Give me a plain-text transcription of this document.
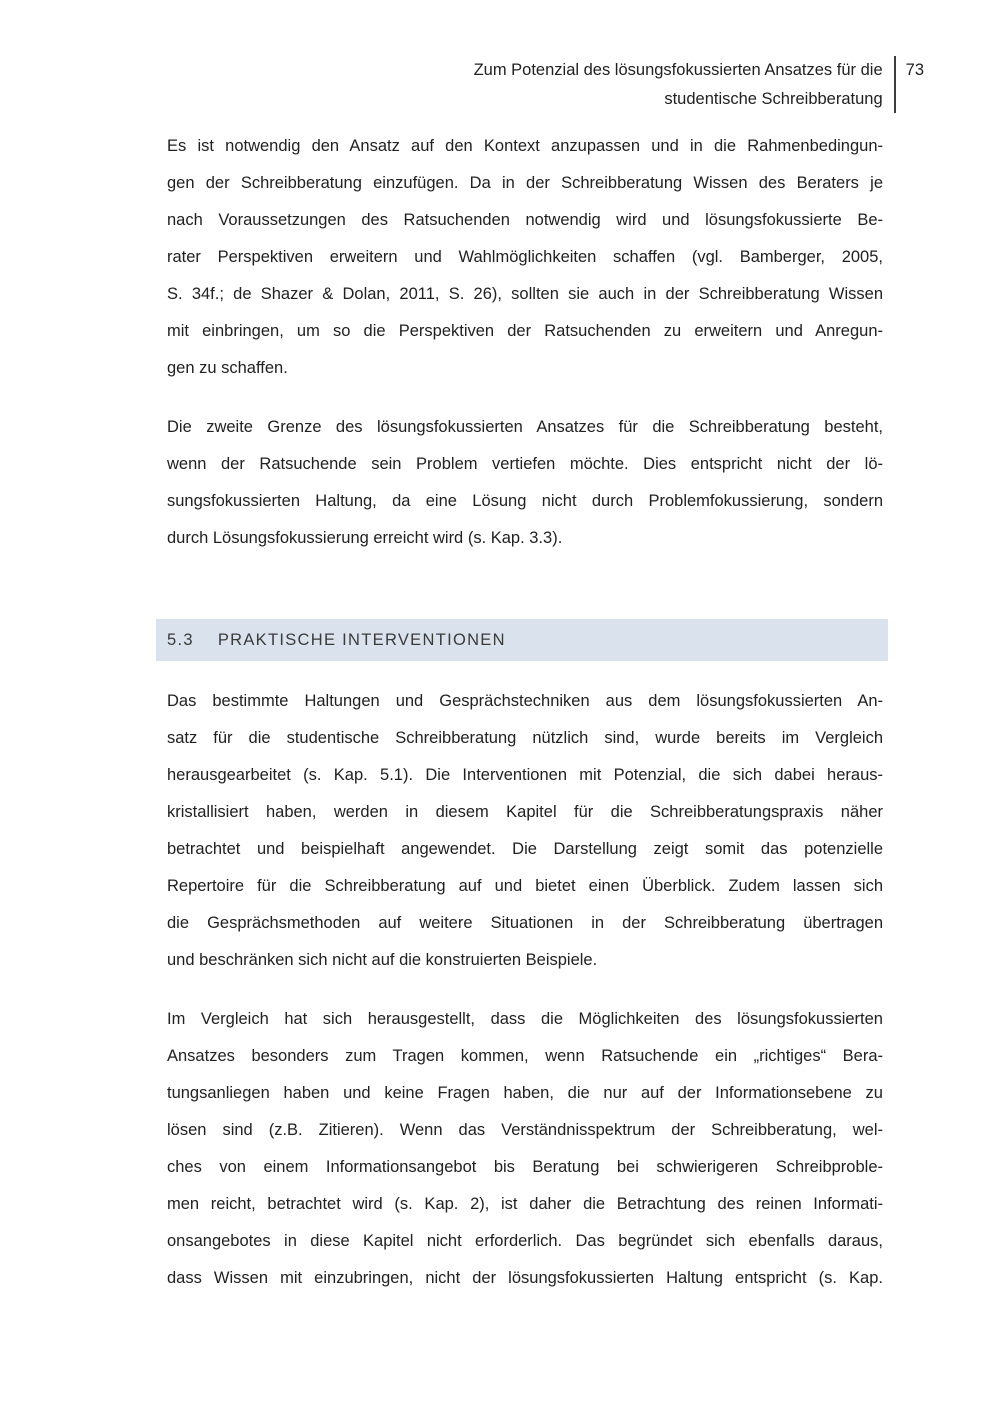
Zum Potenzial des lösungsfokussierten Ansatzes für die
studentische Schreibberatung
73
Es ist notwendig den Ansatz auf den Kontext anzupassen und in die Rahmenbedingun-
gen der Schreibberatung einzufügen. Da in der Schreibberatung Wissen des Beraters je
nach Voraussetzungen des Ratsuchenden notwendig wird und lösungsfokussierte Be-
rater Perspektiven erweitern und Wahlmöglichkeiten schaffen (vgl. Bamberger, 2005,
S. 34f.; de Shazer & Dolan, 2011, S. 26), sollten sie auch in der Schreibberatung Wissen
mit einbringen, um so die Perspektiven der Ratsuchenden zu erweitern und Anregun-
gen zu schaffen.
Die zweite Grenze des lösungsfokussierten Ansatzes für die Schreibberatung besteht,
wenn der Ratsuchende sein Problem vertiefen möchte. Dies entspricht nicht der lö-
sungsfokussierten Haltung, da eine Lösung nicht durch Problemfokussierung, sondern
durch Lösungsfokussierung erreicht wird (s. Kap. 3.3).
5.3 PRAKTISCHE INTERVENTIONEN
Das bestimmte Haltungen und Gesprächstechniken aus dem lösungsfokussierten An-
satz für die studentische Schreibberatung nützlich sind, wurde bereits im Vergleich
herausgearbeitet (s. Kap. 5.1). Die Interventionen mit Potenzial, die sich dabei heraus-
kristallisiert haben, werden in diesem Kapitel für die Schreibberatungspraxis näher
betrachtet und beispielhaft angewendet. Die Darstellung zeigt somit das potenzielle
Repertoire für die Schreibberatung auf und bietet einen Überblick. Zudem lassen sich
die Gesprächsmethoden auf weitere Situationen in der Schreibberatung übertragen
und beschränken sich nicht auf die konstruierten Beispiele.
Im Vergleich hat sich herausgestellt, dass die Möglichkeiten des lösungsfokussierten
Ansatzes besonders zum Tragen kommen, wenn Ratsuchende ein „richtiges“ Bera-
tungsanliegen haben und keine Fragen haben, die nur auf der Informationsebene zu
lösen sind (z.B. Zitieren). Wenn das Verständnisspektrum der Schreibberatung, wel-
ches von einem Informationsangebot bis Beratung bei schwierigeren Schreibproble-
men reicht, betrachtet wird (s. Kap. 2), ist daher die Betrachtung des reinen Informati-
onsangebotes in diese Kapitel nicht erforderlich. Das begründet sich ebenfalls daraus,
dass Wissen mit einzubringen, nicht der lösungsfokussierten Haltung entspricht (s. Kap.
